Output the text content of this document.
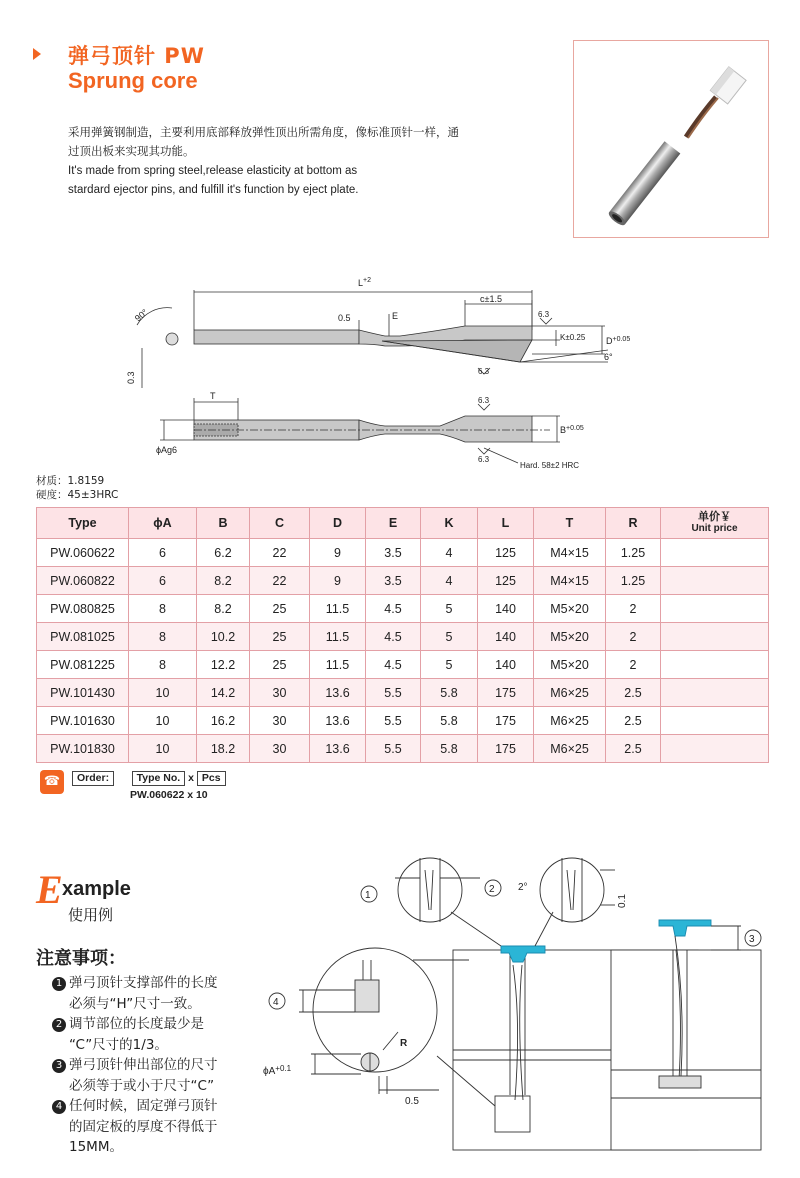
弹弓顶针 PW
Sprung core
采用弹簧钢制造，主要利用底部释放弹性顶出所需角度，像标准顶针一样，通
过顶出板来实现其功能。
It's made from spring steel,release elasticity at bottom as
stardard ejector pins, and fulfill it's function by eject plate.
$L^{+2}$
c±1.5
0.5	E
90°
0.3
6.3
6.3
K±0.25 $D^{+0.05}$
6°
T
ϕAg6
6.3
6.3
$B^{+0.05}$
Hard. 58±2 HRC
材质：1.8159
硬度：45±3HRC
Type	ϕA	B	C	D	E	K	L	T	R	单价￥
Unit price

PW.060622	6	6.2	22	9	3.5	4	125	M4×15	1.25	
PW.060822	6	8.2	22	9	3.5	4	125	M4×15	1.25	
PW.080825	8	8.2	25	11.5	4.5	5	140	M5×20	2	
PW.081025	8	10.2	25	11.5	4.5	5	140	M5×20	2	
PW.081225	8	12.2	25	11.5	4.5	5	140	M5×20	2	
PW.101430	10	14.2	30	13.6	5.5	5.8	175	M6×25	2.5	
PW.101630	10	16.2	30	13.6	5.5	5.8	175	M6×25	2.5	
PW.101830	10	18.2	30	13.6	5.5	5.8	175	M6×25	2.5	
☎	Order:	Type No. x Pcs
PW.060622 x 10
E xample
使用例
注意事项：

1 弹弓顶针支撑部件的长度

必须与“H”尺寸一致。

2 调节部位的长度最少是

“C”尺寸的1/3。

3 弹弓顶针伸出部位的尺寸

必须等于或小于尺寸“C”

4 任何时候，固定弹弓顶针

的固定板的厚度不得低于

15MM。

1
2
3
4
2°
0.1
R
$\phi A^{+0.1}$
0.5
